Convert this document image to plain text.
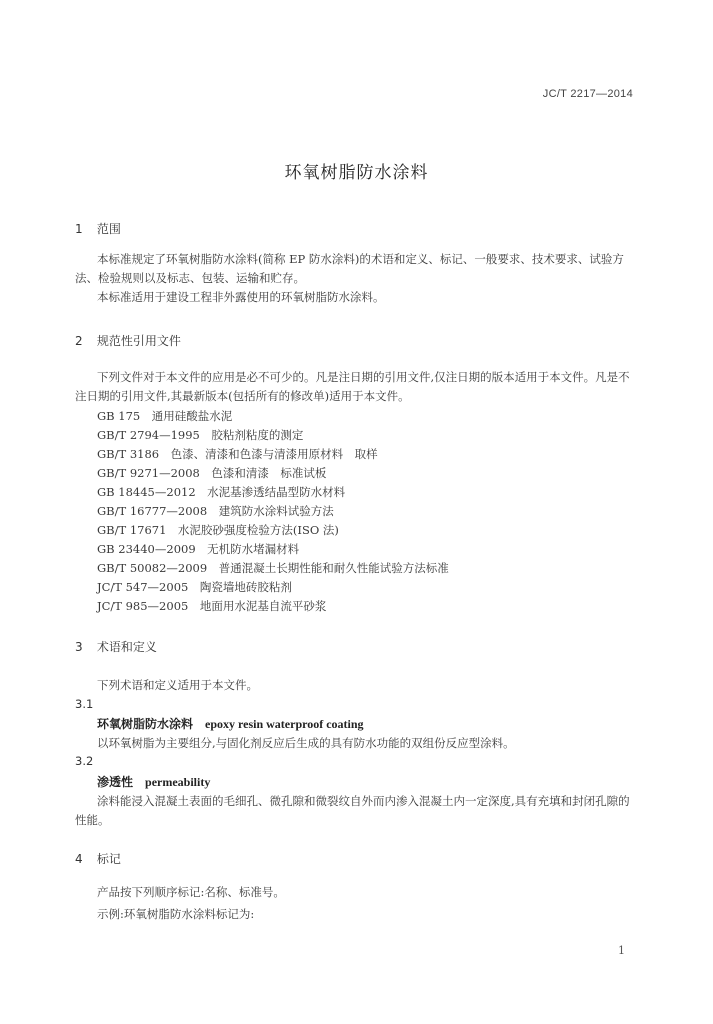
JC/T 2217—2014
环氧树脂防水涂料
1 范围
本标准规定了环氧树脂防水涂料(简称 EP 防水涂料)的术语和定义、标记、一般要求、技术要求、试验方法、检验规则以及标志、包装、运输和贮存。
本标准适用于建设工程非外露使用的环氧树脂防水涂料。
2 规范性引用文件
下列文件对于本文件的应用是必不可少的。凡是注日期的引用文件,仅注日期的版本适用于本文件。凡是不注日期的引用文件,其最新版本(包括所有的修改单)适用于本文件。
GB 175　 通用硅酸盐水泥
GB/T 2794—1995　 胶粘剂粘度的测定
GB/T 3186　 色漆、清漆和色漆与清漆用原材料　取样
GB/T 9271—2008　 色漆和清漆　标准试板
GB 18445—2012　 水泥基渗透结晶型防水材料
GB/T 16777—2008　 建筑防水涂料试验方法
GB/T 17671　 水泥胶砂强度检验方法(ISO 法)
GB 23440—2009　 无机防水堵漏材料
GB/T 50082—2009　 普通混凝土长期性能和耐久性能试验方法标准
JC/T 547—2005　 陶瓷墙地砖胶粘剂
JC/T 985—2005　 地面用水泥基自流平砂浆
3 术语和定义
下列术语和定义适用于本文件。
3.1
环氧树脂防水涂料 epoxy resin waterproof coating
以环氧树脂为主要组分,与固化剂反应后生成的具有防水功能的双组份反应型涂料。
3.2
渗透性 permeability
涂料能浸入混凝土表面的毛细孔、微孔隙和微裂纹自外而内渗入混凝土内一定深度,具有充填和封闭孔隙的性能。
4 标记
产品按下列顺序标记:名称、标准号。
示例:环氧树脂防水涂料标记为:
1
